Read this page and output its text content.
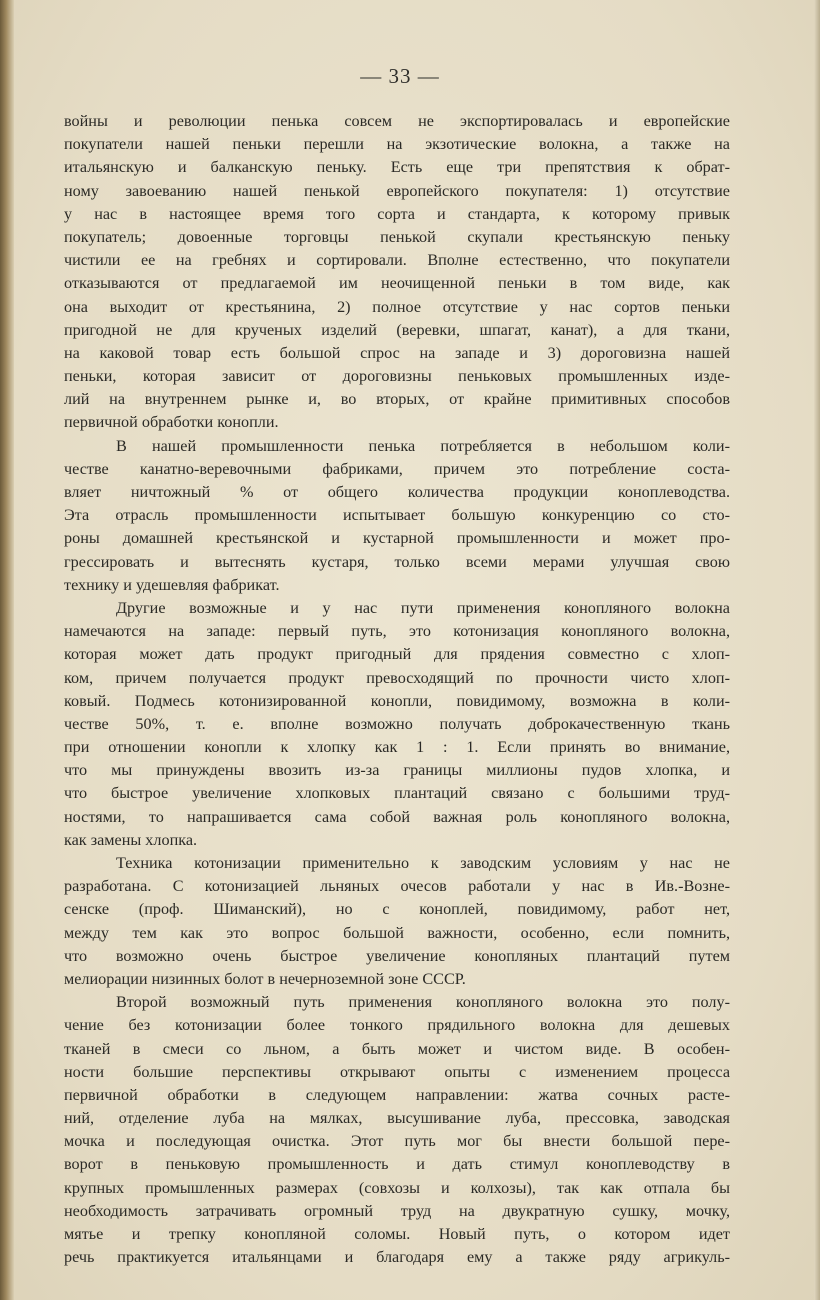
— 33 —
войны и революции пенька совсем не экспортировалась и европейские
покупатели нашей пеньки перешли на экзотические волокна, а также на
итальянскую и балканскую пеньку. Есть еще три препятствия к обрат-
ному завоеванию нашей пенькой европейского покупателя: 1) отсутствие
у нас в настоящее время того сорта и стандарта, к которому привык
покупатель; довоенные торговцы пенькой скупали крестьянскую пеньку
чистили ее на гребнях и сортировали. Вполне естественно, что покупатели
отказываются от предлагаемой им неочищенной пеньки в том виде, как
она выходит от крестьянина, 2) полное отсутствие у нас сортов пеньки
пригодной не для крученых изделий (веревки, шпагат, канат), а для ткани,
на каковой товар есть большой спрос на западе и 3) дороговизна нашей
пеньки, которая зависит от дороговизны пеньковых промышленных изде-
лий на внутреннем рынке и, во вторых, от крайне примитивных способов
первичной обработки конопли.
В нашей промышленности пенька потребляется в небольшом коли-
честве канатно-веревочными фабриками, причем это потребление соста-
вляет ничтожный % от общего количества продукции коноплеводства.
Эта отрасль промышленности испытывает большую конкуренцию со сто-
роны домашней крестьянской и кустарной промышленности и может про-
грессировать и вытеснять кустаря, только всеми мерами улучшая свою
технику и удешевляя фабрикат.
Другие возможные и у нас пути применения конопляного волокна
намечаются на западе: первый путь, это котонизация конопляного волокна,
которая может дать продукт пригодный для прядения совместно с хлоп-
ком, причем получается продукт превосходящий по прочности чисто хлоп-
ковый. Подмесь котонизированной конопли, повидимому, возможна в коли-
честве 50%, т. е. вполне возможно получать доброкачественную ткань
при отношении конопли к хлопку как 1 : 1. Если принять во внимание,
что мы принуждены ввозить из-за границы миллионы пудов хлопка, и
что быстрое увеличение хлопковых плантаций связано с большими труд-
ностями, то напрашивается сама собой важная роль конопляного волокна,
как замены хлопка.
Техника котонизации применительно к заводским условиям у нас не
разработана. С котонизацией льняных очесов работали у нас в Ив.-Возне-
сенске (проф. Шиманский), но с коноплей, повидимому, работ нет,
между тем как это вопрос большой важности, особенно, если помнить,
что возможно очень быстрое увеличение конопляных плантаций путем
мелиорации низинных болот в нечерноземной зоне СССР.
Второй возможный путь применения конопляного волокна это полу-
чение без котонизации более тонкого прядильного волокна для дешевых
тканей в смеси со льном, а быть может и чистом виде. В особен-
ности большие перспективы открывают опыты с изменением процесса
первичной обработки в следующем направлении: жатва сочных расте-
ний, отделение луба на мялках, высушивание луба, прессовка, заводская
мочка и последующая очистка. Этот путь мог бы внести большой пере-
ворот в пеньковую промышленность и дать стимул коноплеводству в
крупных промышленных размерах (совхозы и колхозы), так как отпала бы
необходимость затрачивать огромный труд на двукратную сушку, мочку,
мятье и трепку конопляной соломы. Новый путь, о котором идет
речь практикуется итальянцами и благодаря ему а также ряду агрикуль-
